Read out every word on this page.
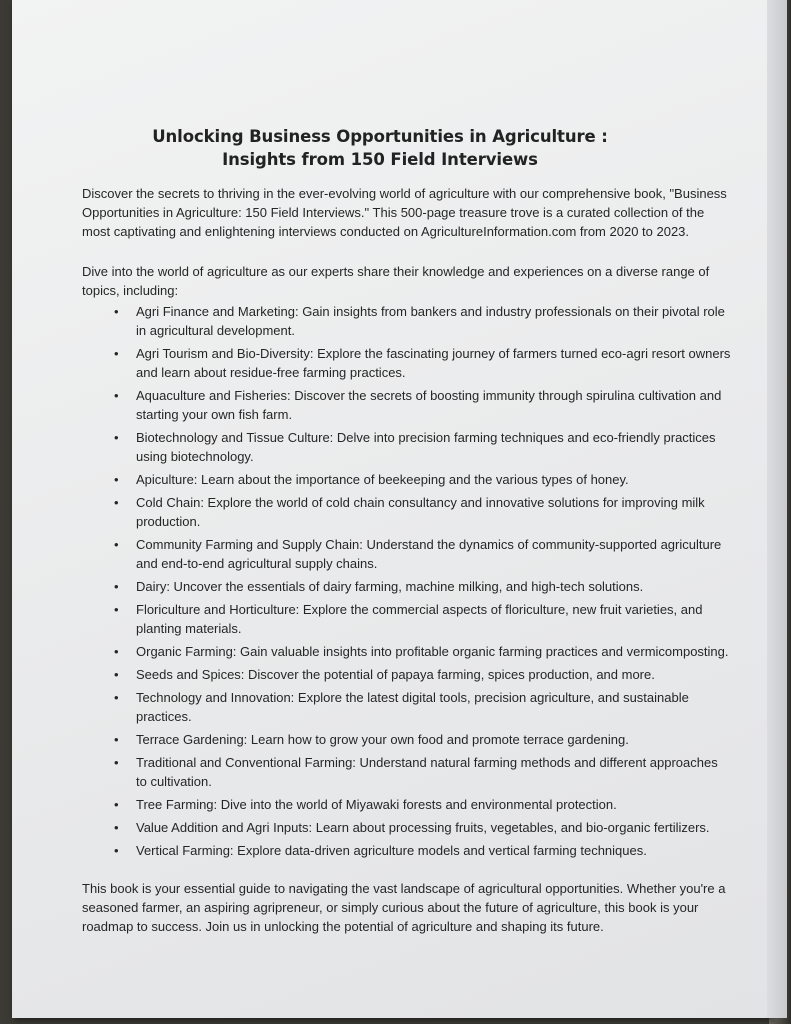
Unlocking Business Opportunities in Agriculture :
Insights from 150 Field Interviews
Discover the secrets to thriving in the ever-evolving world of agriculture with our comprehensive book, "Business Opportunities in Agriculture: 150 Field Interviews." This 500-page treasure trove is a curated collection of the most captivating and enlightening interviews conducted on AgricultureInformation.com from 2020 to 2023.
Dive into the world of agriculture as our experts share their knowledge and experiences on a diverse range of topics, including:
• Agri Finance and Marketing: Gain insights from bankers and industry professionals on their pivotal role in agricultural development.
• Agri Tourism and Bio-Diversity: Explore the fascinating journey of farmers turned eco-agri resort owners and learn about residue-free farming practices.
• Aquaculture and Fisheries: Discover the secrets of boosting immunity through spirulina cultivation and starting your own fish farm.
• Biotechnology and Tissue Culture: Delve into precision farming techniques and eco-friendly practices using biotechnology.
• Apiculture: Learn about the importance of beekeeping and the various types of honey.
• Cold Chain: Explore the world of cold chain consultancy and innovative solutions for improving milk production.
• Community Farming and Supply Chain: Understand the dynamics of community-supported agriculture and end-to-end agricultural supply chains.
• Dairy: Uncover the essentials of dairy farming, machine milking, and high-tech solutions.
• Floriculture and Horticulture: Explore the commercial aspects of floriculture, new fruit varieties, and planting materials.
• Organic Farming: Gain valuable insights into profitable organic farming practices and vermicomposting.
• Seeds and Spices: Discover the potential of papaya farming, spices production, and more.
• Technology and Innovation: Explore the latest digital tools, precision agriculture, and sustainable practices.
• Terrace Gardening: Learn how to grow your own food and promote terrace gardening.
• Traditional and Conventional Farming: Understand natural farming methods and different approaches to cultivation.
• Tree Farming: Dive into the world of Miyawaki forests and environmental protection.
• Value Addition and Agri Inputs: Learn about processing fruits, vegetables, and bio-organic fertilizers.
• Vertical Farming: Explore data-driven agriculture models and vertical farming techniques.
This book is your essential guide to navigating the vast landscape of agricultural opportunities. Whether you're a seasoned farmer, an aspiring agripreneur, or simply curious about the future of agriculture, this book is your roadmap to success. Join us in unlocking the potential of agriculture and shaping its future.
